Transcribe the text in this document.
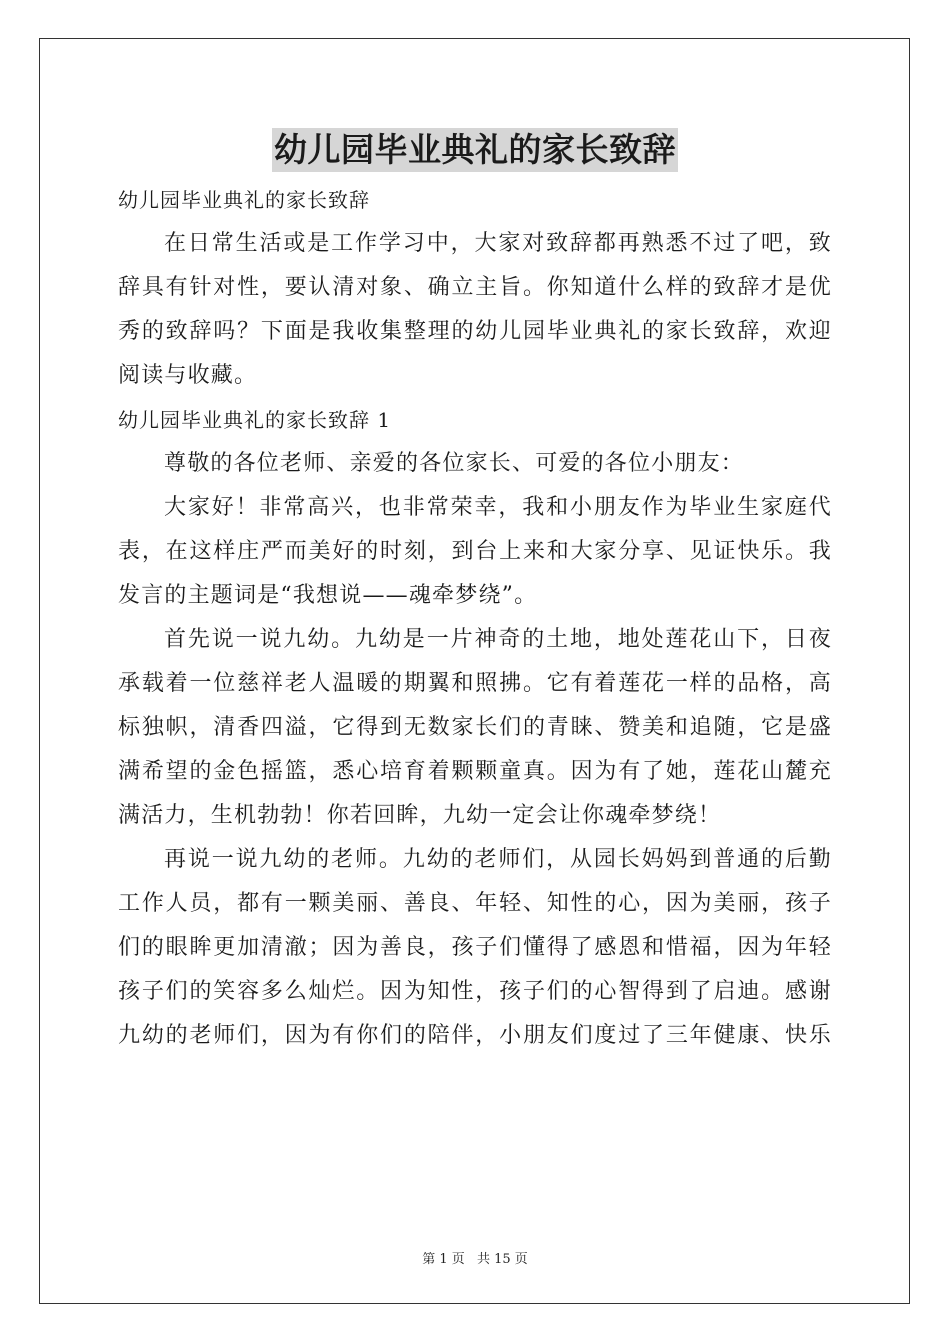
幼儿园毕业典礼的家长致辞
幼儿园毕业典礼的家长致辞
在日常生活或是工作学习中，大家对致辞都再熟悉不过了吧，致
辞具有针对性，要认清对象、确立主旨。你知道什么样的致辞才是优
秀的致辞吗？下面是我收集整理的幼儿园毕业典礼的家长致辞，欢迎
阅读与收藏。
幼儿园毕业典礼的家长致辞 1
尊敬的各位老师、亲爱的各位家长、可爱的各位小朋友：
大家好！非常高兴，也非常荣幸，我和小朋友作为毕业生家庭代
表，在这样庄严而美好的时刻，到台上来和大家分享、见证快乐。我
发言的主题词是“我想说——魂牵梦绕”。
首先说一说九幼。九幼是一片神奇的土地，地处莲花山下，日夜
承载着一位慈祥老人温暖的期翼和照拂。它有着莲花一样的品格，高
标独帜，清香四溢，它得到无数家长们的青睐、赞美和追随，它是盛
满希望的金色摇篮，悉心培育着颗颗童真。因为有了她，莲花山麓充
满活力，生机勃勃！你若回眸，九幼一定会让你魂牵梦绕！
再说一说九幼的老师。九幼的老师们，从园长妈妈到普通的后勤
工作人员，都有一颗美丽、善良、年轻、知性的心，因为美丽，孩子
们的眼眸更加清澈；因为善良，孩子们懂得了感恩和惜福，因为年轻
孩子们的笑容多么灿烂。因为知性，孩子们的心智得到了启迪。感谢
九幼的老师们，因为有你们的陪伴，小朋友们度过了三年健康、快乐
第 1 页 共 15 页
